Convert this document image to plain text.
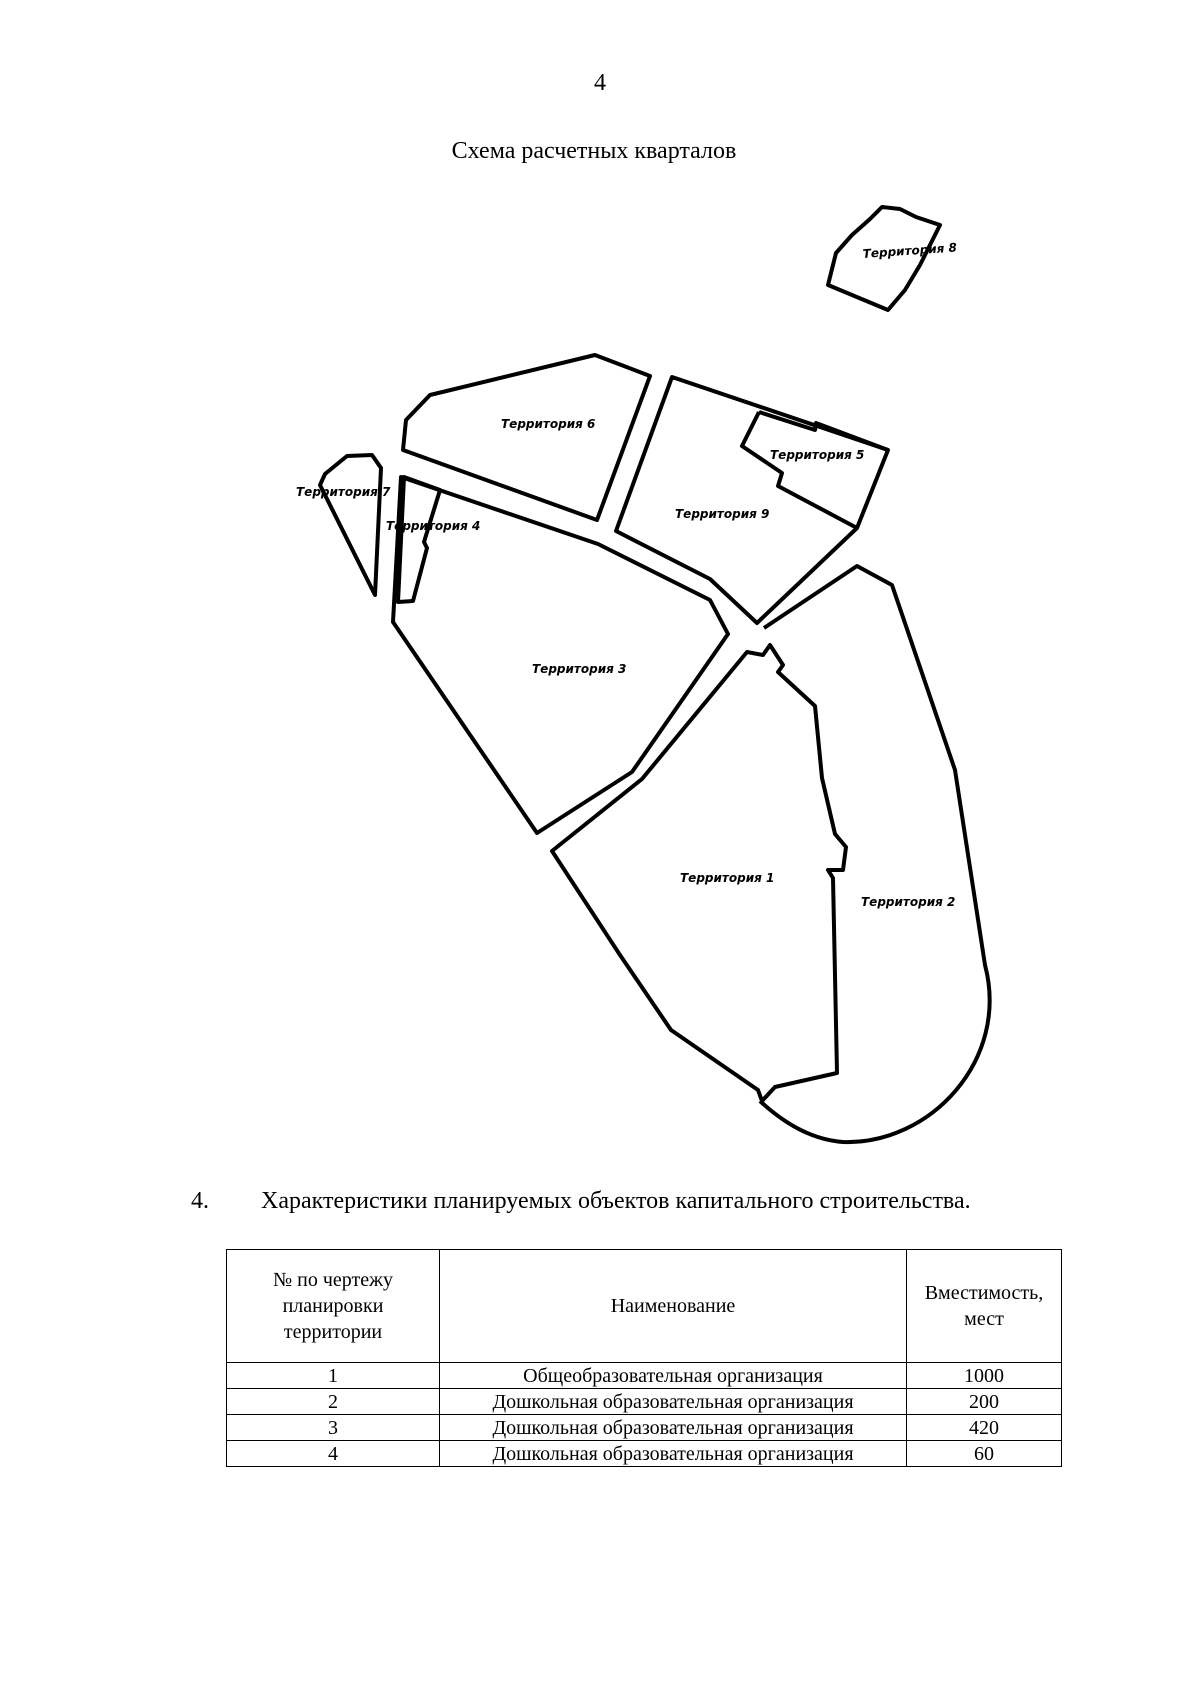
4
Схема расчетных кварталов
Территория 8
Территория 6
Территория 7
Территория 4
Территория 5
Территория 9
Территория 3
Территория 1
Территория 2
4. Характеристики планируемых объектов капитального строительства.
№ по чертежу планировки территории	Наименование	Вместимость, мест
1	Общеобразовательная организация	1000
2	Дошкольная образовательная организация	200
3	Дошкольная образовательная организация	420
4	Дошкольная образовательная организация	60
